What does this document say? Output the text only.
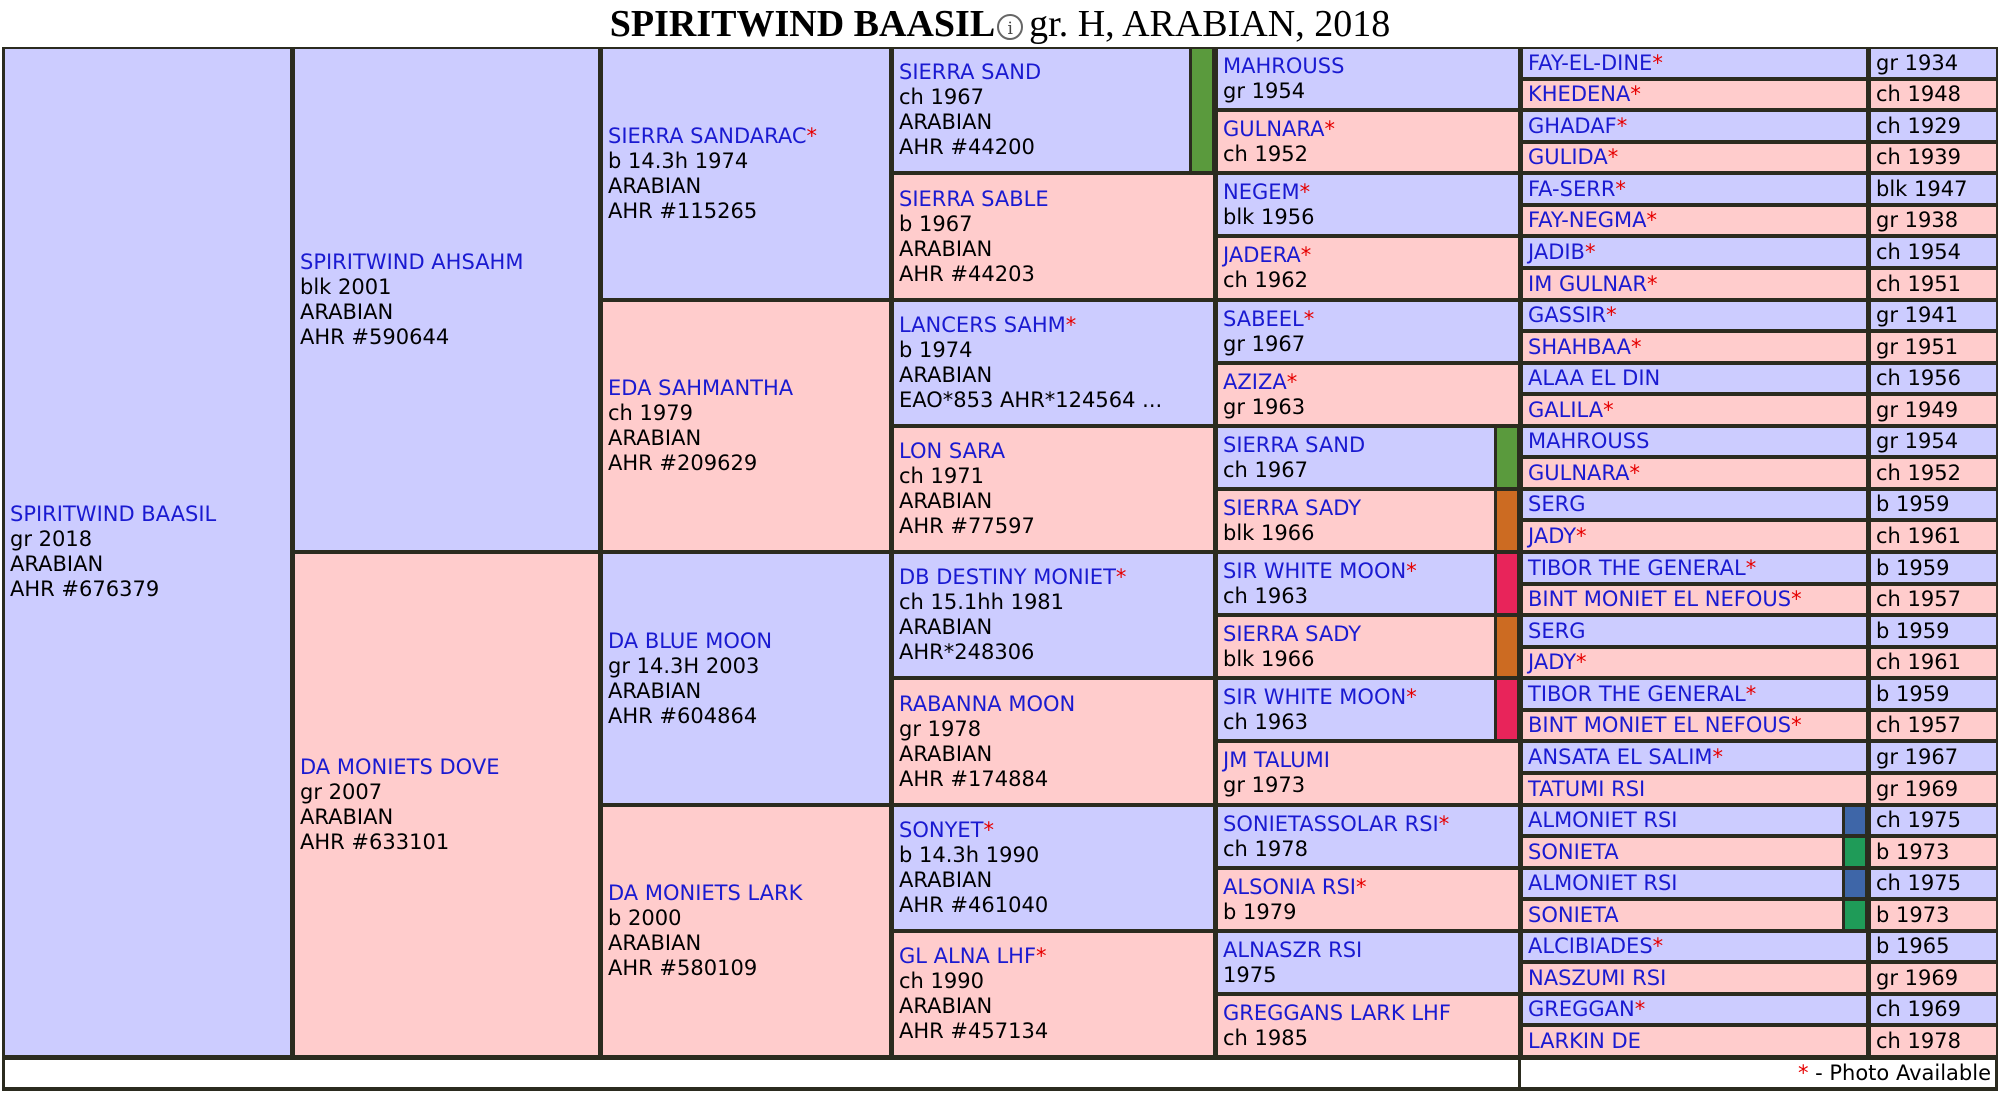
SPIRITWIND BAASIL i gr. H, ARABIAN, 2018
SPIRITWIND BAASIL
gr 2018
ARABIAN
AHR #676379
SPIRITWIND AHSAHM
blk 2001
ARABIAN
AHR #590644
DA MONIETS DOVE
gr 2007
ARABIAN
AHR #633101
SIERRA SANDARAC*
b 14.3h 1974
ARABIAN
AHR #115265
EDA SAHMANTHA
ch 1979
ARABIAN
AHR #209629
DA BLUE MOON
gr 14.3H 2003
ARABIAN
AHR #604864
DA MONIETS LARK
b 2000
ARABIAN
AHR #580109
SIERRA SAND
ch 1967
ARABIAN
AHR #44200
SIERRA SABLE
b 1967
ARABIAN
AHR #44203
LANCERS SAHM*
b 1974
ARABIAN
EAO*853 AHR*124564 ...
LON SARA
ch 1971
ARABIAN
AHR #77597
DB DESTINY MONIET*
ch 15.1hh 1981
ARABIAN
AHR*248306
RABANNA MOON
gr 1978
ARABIAN
AHR #174884
SONYET*
b 14.3h 1990
ARABIAN
AHR #461040
GL ALNA LHF*
ch 1990
ARABIAN
AHR #457134
MAHROUSS
gr 1954
GULNARA*
ch 1952
NEGEM*
blk 1956
JADERA*
ch 1962
SABEEL*
gr 1967
AZIZA*
gr 1963
SIERRA SAND
ch 1967
SIERRA SADY
blk 1966
SIR WHITE MOON*
ch 1963
SIERRA SADY
blk 1966
SIR WHITE MOON*
ch 1963
JM TALUMI
gr 1973
SONIETASSOLAR RSI*
ch 1978
ALSONIA RSI*
b 1979
ALNASZR RSI
1975
GREGGANS LARK LHF
ch 1985
FAY-EL-DINE *	gr 1934
KHEDENA *	ch 1948
GHADAF *	ch 1929
GULIDA *	ch 1939
FA-SERR *	blk 1947
FAY-NEGMA *	gr 1938
JADIB *	ch 1954
IM GULNAR *	ch 1951
GASSIR *	gr 1941
SHAHBAA *	gr 1951
ALAA EL DIN	ch 1956
GALILA *	gr 1949
MAHROUSS	gr 1954
GULNARA *	ch 1952
SERG	b 1959
JADY *	ch 1961
TIBOR THE GENERAL *	b 1959
BINT MONIET EL NEFOUS *	ch 1957
SERG	b 1959
JADY *	ch 1961
TIBOR THE GENERAL *	b 1959
BINT MONIET EL NEFOUS *	ch 1957
ANSATA EL SALIM *	gr 1967
TATUMI RSI	gr 1969
ALMONIET RSI	ch 1975
SONIETA	b 1973
ALMONIET RSI	ch 1975
SONIETA	b 1973
ALCIBIADES *	b 1965
NASZUMI RSI	gr 1969
GREGGAN *	ch 1969
LARKIN DE	ch 1978
* - Photo Available
